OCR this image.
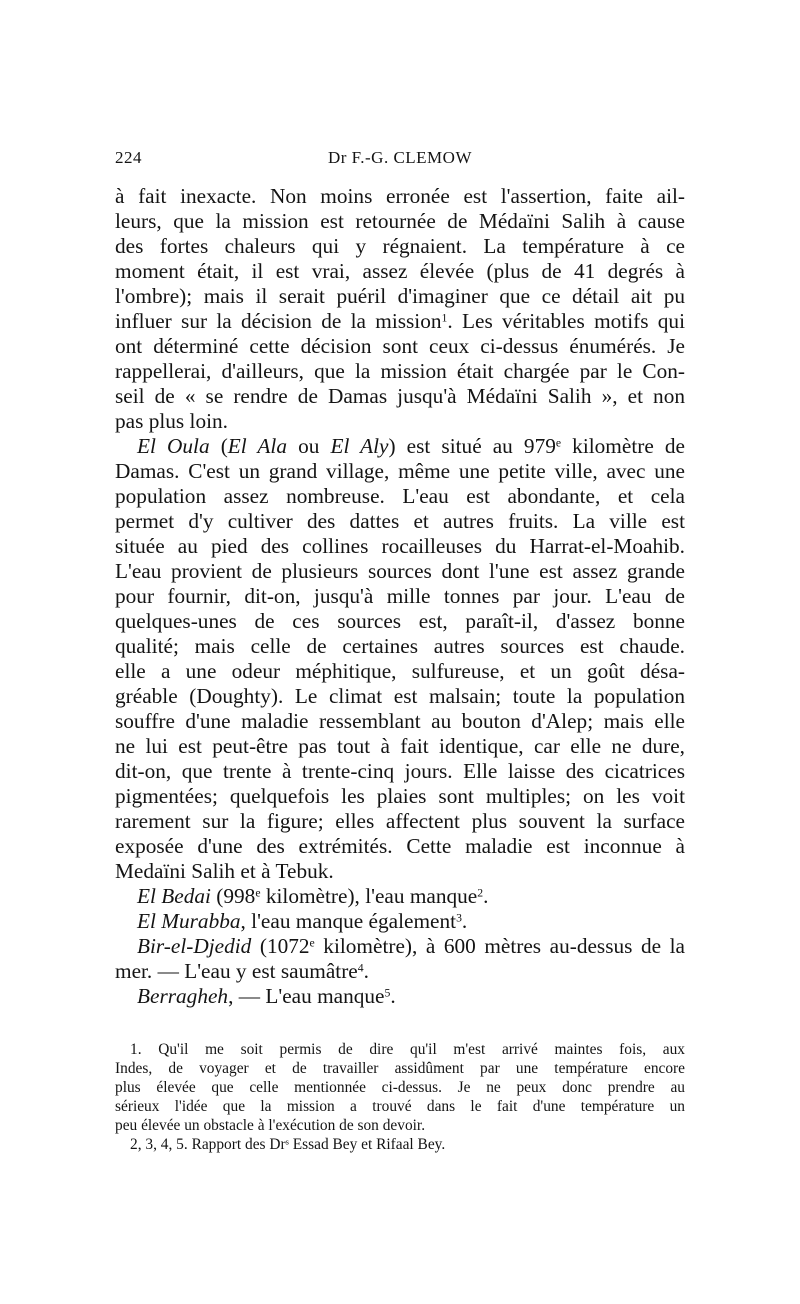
224	Dr F.-G. CLEMOW
à fait inexacte. Non moins erronée est l'assertion, faite ail-
leurs, que la mission est retournée de Médaïni Salih à cause
des fortes chaleurs qui y régnaient. La température à ce
moment était, il est vrai, assez élevée (plus de 41 degrés à
l'ombre); mais il serait puéril d'imaginer que ce détail ait pu
influer sur la décision de la mission$^1$. Les véritables motifs qui
ont déterminé cette décision sont ceux ci-dessus énumérés. Je
rappellerai, d'ailleurs, que la mission était chargée par le Con-
seil de « se rendre de Damas jusqu'à Médaïni Salih », et non
pas plus loin.
El Oula (El Ala ou El Aly) est situé au 979e kilomètre de
Damas. C'est un grand village, même une petite ville, avec une
population assez nombreuse. L'eau est abondante, et cela
permet d'y cultiver des dattes et autres fruits. La ville est
située au pied des collines rocailleuses du Harrat-el-Moahib.
L'eau provient de plusieurs sources dont l'une est assez grande
pour fournir, dit-on, jusqu'à mille tonnes par jour. L'eau de
quelques-unes de ces sources est, paraît-il, d'assez bonne
qualité; mais celle de certaines autres sources est chaude.
elle a une odeur méphitique, sulfureuse, et un goût désa-
gréable (Doughty). Le climat est malsain; toute la population
souffre d'une maladie ressemblant au bouton d'Alep; mais elle
ne lui est peut-être pas tout à fait identique, car elle ne dure,
dit-on, que trente à trente-cinq jours. Elle laisse des cicatrices
pigmentées; quelquefois les plaies sont multiples; on les voit
rarement sur la figure; elles affectent plus souvent la surface
exposée d'une des extrémités. Cette maladie est inconnue à
Medaïni Salih et à Tebuk.
El Bedai (998e kilomètre), l'eau manque$^2$.
El Murabba, l'eau manque également$^3$.
Bir-el-Djedid (1072e kilomètre), à 600 mètres au-dessus de la
mer. — L'eau y est saumâtre$^4$.
Berragheh, — L'eau manque$^5$.
1. Qu'il me soit permis de dire qu'il m'est arrivé maintes fois, aux
Indes, de voyager et de travailler assidûment par une température encore
plus élevée que celle mentionnée ci-dessus. Je ne peux donc prendre au
sérieux l'idée que la mission a trouvé dans le fait d'une température un
peu élevée un obstacle à l'exécution de son devoir.
2, 3, 4, 5. Rapport des Dr$^s$ Essad Bey et Rifaal Bey.
